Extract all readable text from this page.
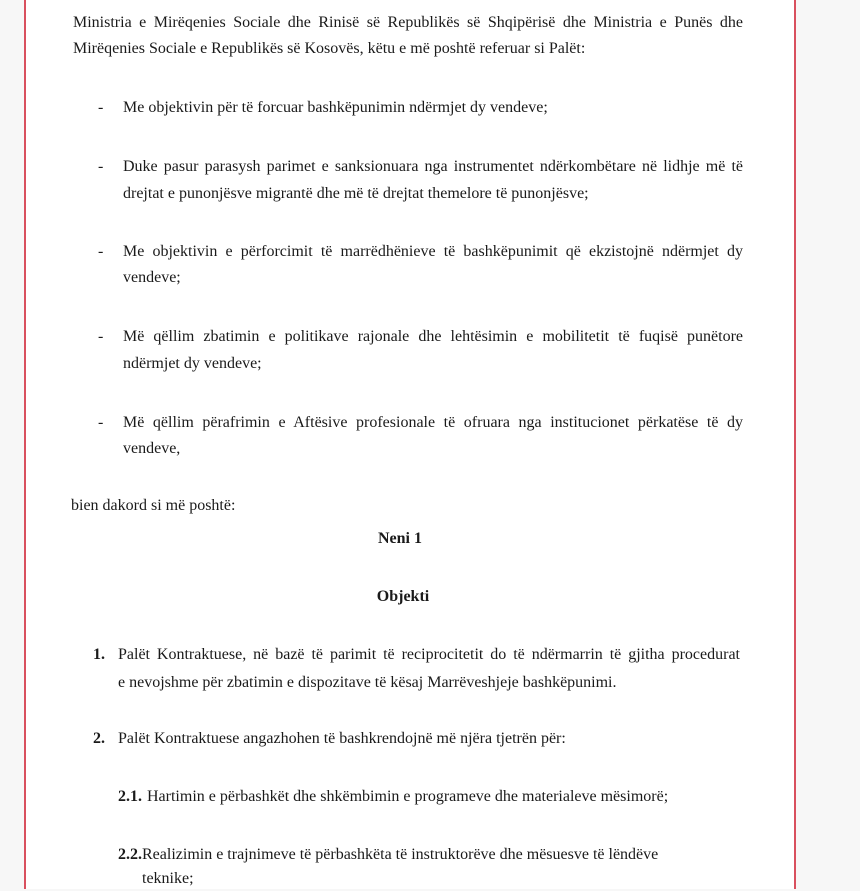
Ministria e Mirëqenies Sociale dhe Rinisë së Republikës së Shqipërisë dhe Ministria e Punës dhe
Mirëqenies Sociale e Republikës së Kosovës, këtu e më poshtë referuar si Palët:
- Me objektivin për të forcuar bashkëpunimin ndërmjet dy vendeve;
- Duke pasur parasysh parimet e sanksionuara nga instrumentet ndërkombëtare në lidhje më të
drejtat e punonjësve migrantë dhe më të drejtat themelore të punonjësve;
- Me objektivin e përforcimit të marrëdhënieve të bashkëpunimit që ekzistojnë ndërmjet dy
vendeve;
- Më qëllim zbatimin e politikave rajonale dhe lehtësimin e mobilitetit të fuqisë punëtore
ndërmjet dy vendeve;
- Më qëllim përafrimin e Aftësive profesionale të ofruara nga institucionet përkatëse të dy
vendeve,
bien dakord si më poshtë:
Neni 1
Objekti
1. Palët Kontraktuese, në bazë të parimit të reciprocitetit do të ndërmarrin të gjitha procedurat
e nevojshme për zbatimin e dispozitave të kësaj Marrëveshjeje bashkëpunimi.
2. Palët Kontraktuese angazhohen të bashkrendojnë më njëra tjetrën për:
2.1. Hartimin e përbashkët dhe shkëmbimin e programeve dhe materialeve mësimorë;
2.2. Realizimin e trajnimeve të përbashkëta të instruktorëve dhe mësuesve të lëndëve
teknike;
